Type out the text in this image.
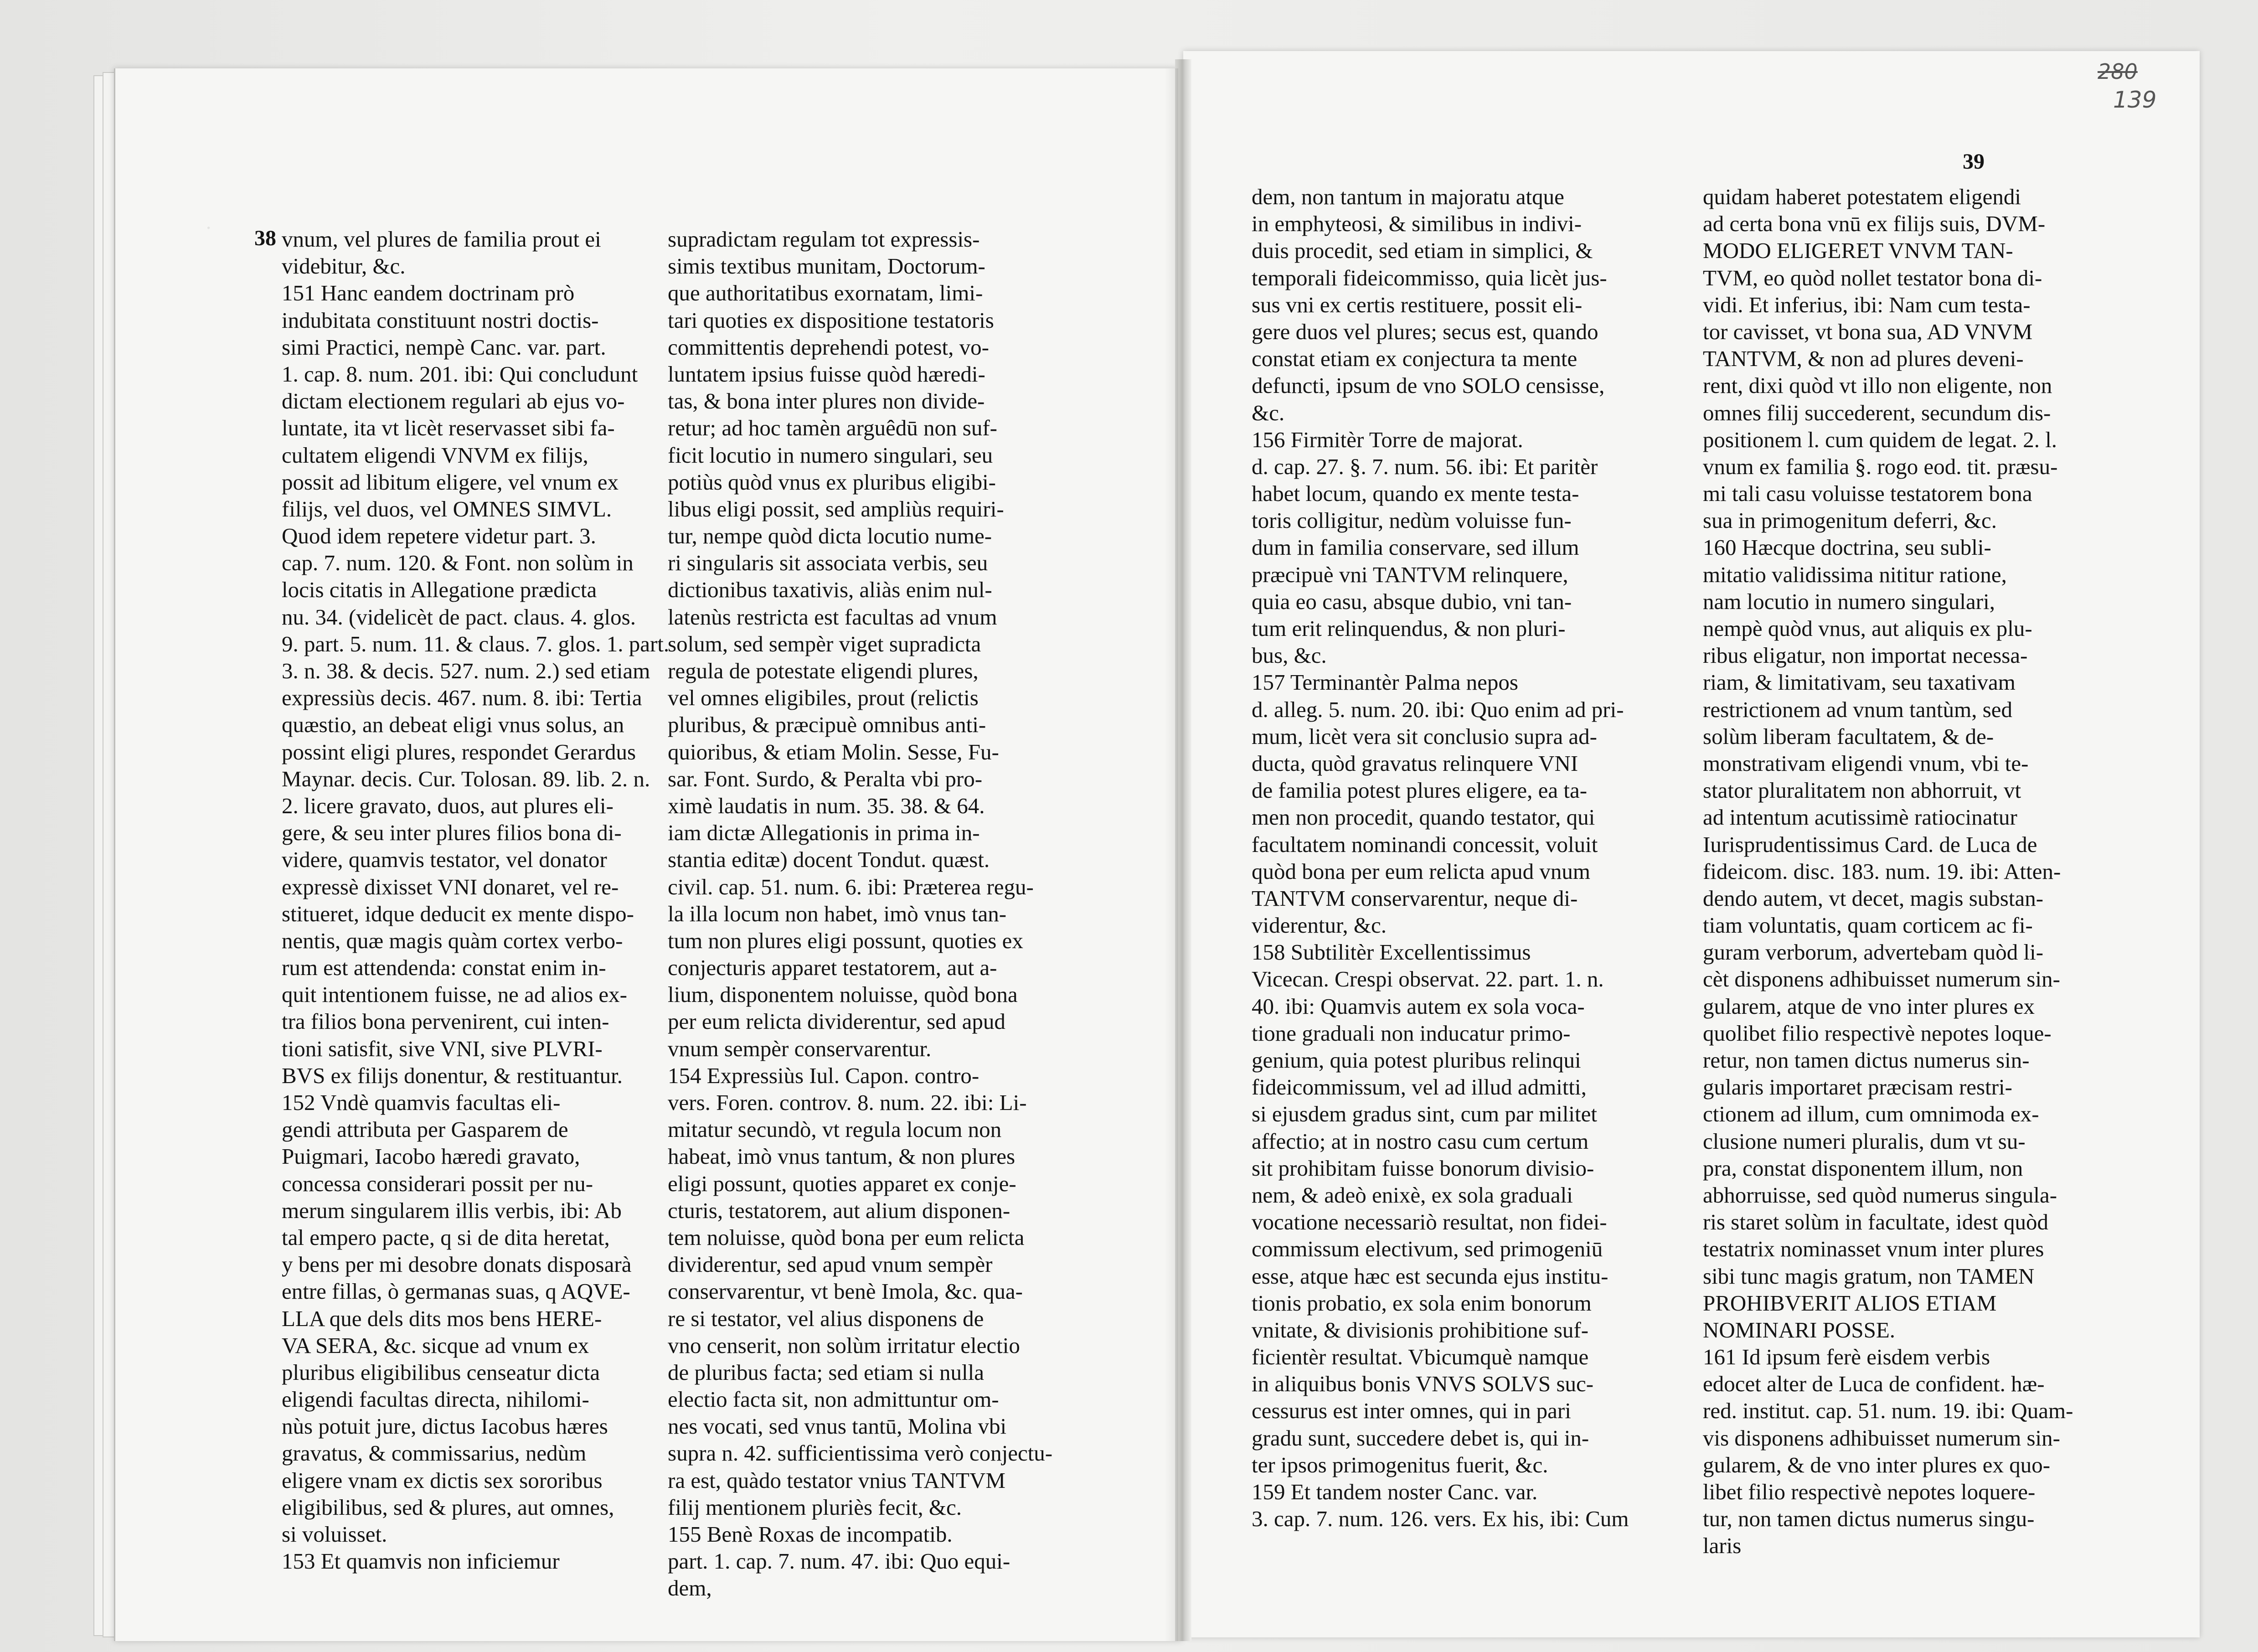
.
38 vnum, vel plures de familia prout ei
videbitur, &c.
151 Hanc eandem doctrinam prò
indubitata constituunt nostri doctis-
simi Practici, nempè Canc. var. part.
1. cap. 8. num. 201. ibi: Qui concludunt
dictam electionem regulari ab ejus vo-
luntate, ita vt licèt reservasset sibi fa-
cultatem eligendi VNVM ex filijs,
possit ad libitum eligere, vel vnum ex
filijs, vel duos, vel OMNES SIMVL.
Quod idem repetere videtur part. 3.
cap. 7. num. 120. & Font. non solùm in
locis citatis in Allegatione prædicta
nu. 34. (videlicèt de pact. claus. 4. glos.
9. part. 5. num. 11. & claus. 7. glos. 1. part.
3. n. 38. & decis. 527. num. 2.) sed etiam
expressiùs decis. 467. num. 8. ibi: Tertia
quæstio, an debeat eligi vnus solus, an
possint eligi plures, respondet Gerardus
Maynar. decis. Cur. Tolosan. 89. lib. 2. n.
2. licere gravato, duos, aut plures eli-
gere, & seu inter plures filios bona di-
videre, quamvis testator, vel donator
expressè dixisset VNI donaret, vel re-
stitueret, idque deducit ex mente dispo-
nentis, quæ magis quàm cortex verbo-
rum est attendenda: constat enim in-
quit intentionem fuisse, ne ad alios ex-
tra filios bona pervenirent, cui inten-
tioni satisfit, sive VNI, sive PLVRI-
BVS ex filijs donentur, & restituantur.
152 Vndè quamvis facultas eli-
gendi attributa per Gasparem de
Puigmari, Iacobo hæredi gravato,
concessa considerari possit per nu-
merum singularem illis verbis, ibi: Ab
tal empero pacte, q si de dita heretat,
y bens per mi desobre donats disposarà
entre fillas, ò germanas suas, q AQVE-
LLA que dels dits mos bens HERE-
VA SERA, &c. sicque ad vnum ex
pluribus eligibilibus censeatur dicta
eligendi facultas directa, nihilomi-
nùs potuit jure, dictus Iacobus hæres
gravatus, & commissarius, nedùm
eligere vnam ex dictis sex sororibus
eligibilibus, sed & plures, aut omnes,
si voluisset.
153 Et quamvis non inficiemur
supradictam regulam tot expressis-
simis textibus munitam, Doctorum-
que authoritatibus exornatam, limi-
tari quoties ex dispositione testatoris
committentis deprehendi potest, vo-
luntatem ipsius fuisse quòd hæredi-
tas, & bona inter plures non divide-
retur; ad hoc tamèn arguêdū non suf-
ficit locutio in numero singulari, seu
potiùs quòd vnus ex pluribus eligibi-
libus eligi possit, sed ampliùs requiri-
tur, nempe quòd dicta locutio nume-
ri singularis sit associata verbis, seu
dictionibus taxativis, aliàs enim nul-
latenùs restricta est facultas ad vnum
solum, sed sempèr viget supradicta
regula de potestate eligendi plures,
vel omnes eligibiles, prout (relictis
pluribus, & præcipuè omnibus anti-
quioribus, & etiam Molin. Sesse, Fu-
sar. Font. Surdo, & Peralta vbi pro-
ximè laudatis in num. 35. 38. & 64.
iam dictæ Allegationis in prima in-
stantia editæ) docent Tondut. quæst.
civil. cap. 51. num. 6. ibi: Præterea regu-
la illa locum non habet, imò vnus tan-
tum non plures eligi possunt, quoties ex
conjecturis apparet testatorem, aut a-
lium, disponentem noluisse, quòd bona
per eum relicta dividerentur, sed apud
vnum sempèr conservarentur.
154 Expressiùs Iul. Capon. contro-
vers. Foren. controv. 8. num. 22. ibi: Li-
mitatur secundò, vt regula locum non
habeat, imò vnus tantum, & non plures
eligi possunt, quoties apparet ex conje-
cturis, testatorem, aut alium disponen-
tem noluisse, quòd bona per eum relicta
dividerentur, sed apud vnum sempèr
conservarentur, vt benè Imola, &c. qua-
re si testator, vel alius disponens de
vno censerit, non solùm irritatur electio
de pluribus facta; sed etiam si nulla
electio facta sit, non admittuntur om-
nes vocati, sed vnus tantū, Molina vbi
supra n. 42. sufficientissima verò conjectu-
ra est, quàdo testator vnius TANTVM
filij mentionem pluriès fecit, &c.
155 Benè Roxas de incompatib.
part. 1. cap. 7. num. 47. ibi: Quo equi-
dem,
280
139
39
dem, non tantum in majoratu atque
in emphyteosi, & similibus in indivi-
duis procedit, sed etiam in simplici, &
temporali fideicommisso, quia licèt jus-
sus vni ex certis restituere, possit eli-
gere duos vel plures; secus est, quando
constat etiam ex conjectura ta mente
defuncti, ipsum de vno SOLO censisse,
&c.
156 Firmitèr Torre de majorat.
d. cap. 27. §. 7. num. 56. ibi: Et paritèr
habet locum, quando ex mente testa-
toris colligitur, nedùm voluisse fun-
dum in familia conservare, sed illum
præcipuè vni TANTVM relinquere,
quia eo casu, absque dubio, vni tan-
tum erit relinquendus, & non pluri-
bus, &c.
157 Terminantèr Palma nepos
d. alleg. 5. num. 20. ibi: Quo enim ad pri-
mum, licèt vera sit conclusio supra ad-
ducta, quòd gravatus relinquere VNI
de familia potest plures eligere, ea ta-
men non procedit, quando testator, qui
facultatem nominandi concessit, voluit
quòd bona per eum relicta apud vnum
TANTVM conservarentur, neque di-
viderentur, &c.
158 Subtilitèr Excellentissimus
Vicecan. Crespi observat. 22. part. 1. n.
40. ibi: Quamvis autem ex sola voca-
tione graduali non inducatur primo-
genium, quia potest pluribus relinqui
fideicommissum, vel ad illud admitti,
si ejusdem gradus sint, cum par militet
affectio; at in nostro casu cum certum
sit prohibitam fuisse bonorum divisio-
nem, & adeò enixè, ex sola graduali
vocatione necessariò resultat, non fidei-
commissum electivum, sed primogeniū
esse, atque hæc est secunda ejus institu-
tionis probatio, ex sola enim bonorum
vnitate, & divisionis prohibitione suf-
ficientèr resultat. Vbicumquè namque
in aliquibus bonis VNVS SOLVS suc-
cessurus est inter omnes, qui in pari
gradu sunt, succedere debet is, qui in-
ter ipsos primogenitus fuerit, &c.
159 Et tandem noster Canc. var.
3. cap. 7. num. 126. vers. Ex his, ibi: Cum
quidam haberet potestatem eligendi
ad certa bona vnū ex filijs suis, DVM-
MODO ELIGERET VNVM TAN-
TVM, eo quòd nollet testator bona di-
vidi. Et inferius, ibi: Nam cum testa-
tor cavisset, vt bona sua, AD VNVM
TANTVM, & non ad plures deveni-
rent, dixi quòd vt illo non eligente, non
omnes filij succederent, secundum dis-
positionem l. cum quidem de legat. 2. l.
vnum ex familia §. rogo eod. tit. præsu-
mi tali casu voluisse testatorem bona
sua in primogenitum deferri, &c.
160 Hæcque doctrina, seu subli-
mitatio validissima nititur ratione,
nam locutio in numero singulari,
nempè quòd vnus, aut aliquis ex plu-
ribus eligatur, non importat necessa-
riam, & limitativam, seu taxativam
restrictionem ad vnum tantùm, sed
solùm liberam facultatem, & de-
monstrativam eligendi vnum, vbi te-
stator pluralitatem non abhorruit, vt
ad intentum acutissimè ratiocinatur
Iurisprudentissimus Card. de Luca de
fideicom. disc. 183. num. 19. ibi: Atten-
dendo autem, vt decet, magis substan-
tiam voluntatis, quam corticem ac fi-
guram verborum, advertebam quòd li-
cèt disponens adhibuisset numerum sin-
gularem, atque de vno inter plures ex
quolibet filio respectivè nepotes loque-
retur, non tamen dictus numerus sin-
gularis importaret præcisam restri-
ctionem ad illum, cum omnimoda ex-
clusione numeri pluralis, dum vt su-
pra, constat disponentem illum, non
abhorruisse, sed quòd numerus singula-
ris staret solùm in facultate, idest quòd
testatrix nominasset vnum inter plures
sibi tunc magis gratum, non TAMEN
PROHIBVERIT ALIOS ETIAM
NOMINARI POSSE.
161 Id ipsum ferè eisdem verbis
edocet alter de Luca de confident. hæ-
red. institut. cap. 51. num. 19. ibi: Quam-
vis disponens adhibuisset numerum sin-
gularem, & de vno inter plures ex quo-
libet filio respectivè nepotes loquere-
tur, non tamen dictus numerus singu-
laris
